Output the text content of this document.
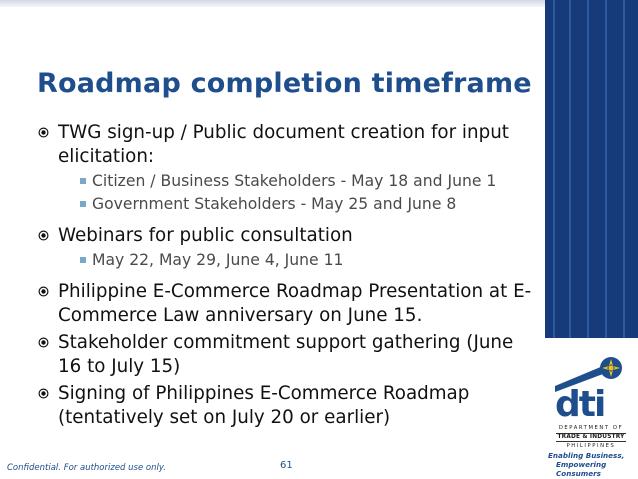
Roadmap completion timeframe
TWG sign-up / Public document creation for input elicitation:
Citizen / Business Stakeholders - May 18 and June 1
Government Stakeholders - May 25 and June 8
Webinars for public consultation
May 22, May 29, June 4, June 11
Philippine E-Commerce Roadmap Presentation at E-Commerce Law anniversary on June 15.
Stakeholder commitment support gathering (June 16 to July 15)
Signing of Philippines E-Commerce Roadmap (tentatively set on July 20 or earlier)
Confidential. For authorized use only.	61
dti
DEPARTMENT OF
TRADE & INDUSTRY
PHILIPPINES
Enabling Business,
Empowering Consumers
